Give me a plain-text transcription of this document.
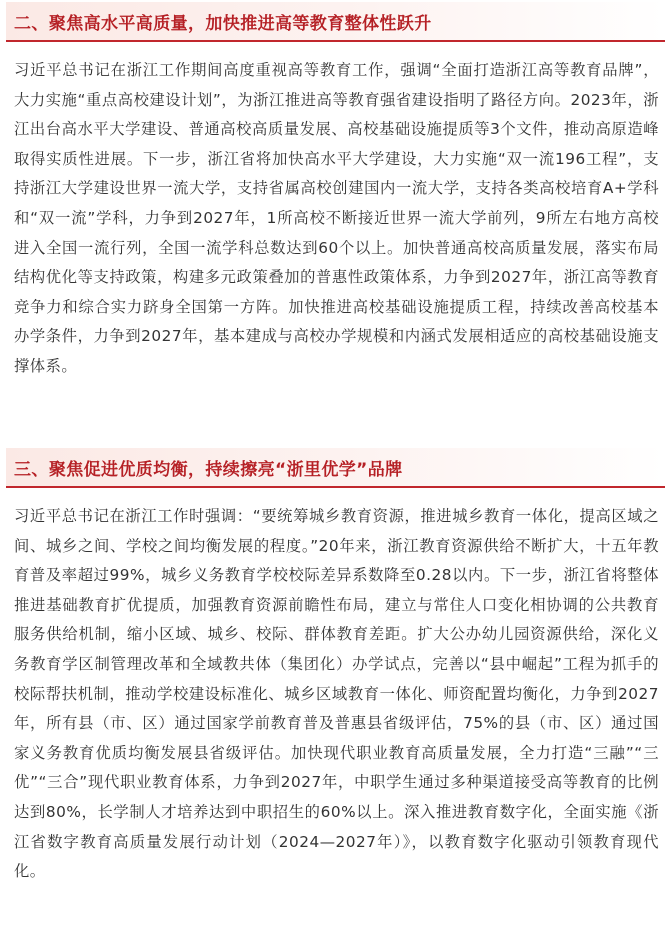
二、 聚焦高水平高质量，加快推进高等教育整体性跃升

习近平总书记在浙江工作期间高度重视高等教育工作，强调“全面打造浙江高等教育品牌”，大力实施“重点高校建设计划”，为浙江推进高等教育强省建设指明了路径方向。2023年，浙江出台高水平大学建设、普通高校高质量发展、高校基础设施提质等3个文件，推动高原造峰取得实质性进展。下一步，浙江省将加快高水平大学建设，大力实施“双一流196工程”，支持浙江大学建设世界一流大学，支持省属高校创建国内一流大学，支持各类高校培育A+学科和“双一流”学科，力争到2027年，1所高校不断接近世界一流大学前列，9所左右地方高校进入全国一流行列，全国一流学科总数达到60个以上。加快普通高校高质量发展，落实布局结构优化等支持政策，构建多元政策叠加的普惠性政策体系，力争到2027年，浙江高等教育竞争力和综合实力跻身全国第一方阵。加快推进高校基础设施提质工程，持续改善高校基本办学条件，力争到2027年，基本建成与高校办学规模和内涵式发展相适应的高校基础设施支撑体系。

三、 聚焦促进优质均衡，持续擦亮“浙里优学”品牌

习近平总书记在浙江工作时强调：“要统筹城乡教育资源，推进城乡教育一体化，提高区域之间、城乡之间、学校之间均衡发展的程度。”20年来，浙江教育资源供给不断扩大，十五年教育普及率超过99%，城乡义务教育学校校际差异系数降至0.28以内。下一步，浙江省将整体推进基础教育扩优提质，加强教育资源前瞻性布局，建立与常住人口变化相协调的公共教育服务供给机制，缩小区域、城乡、校际、群体教育差距。扩大公办幼儿园资源供给，深化义务教育学区制管理改革和全域教共体（集团化）办学试点，完善以“县中崛起”工程为抓手的校际帮扶机制，推动学校建设标准化、城乡区域教育一体化、师资配置均衡化，力争到2027年，所有县（市、区）通过国家学前教育普及普惠县省级评估，75%的县（市、区）通过国家义务教育优质均衡发展县省级评估。加快现代职业教育高质量发展，全力打造“三融”“三优”“三合”现代职业教育体系，力争到2027年，中职学生通过多种渠道接受高等教育的比例达到80%，长学制人才培养达到中职招生的60%以上。深入推进教育数字化，全面实施《浙江省数字教育高质量发展行动计划（2024—2027年）》，以教育数字化驱动引领教育现代化。
